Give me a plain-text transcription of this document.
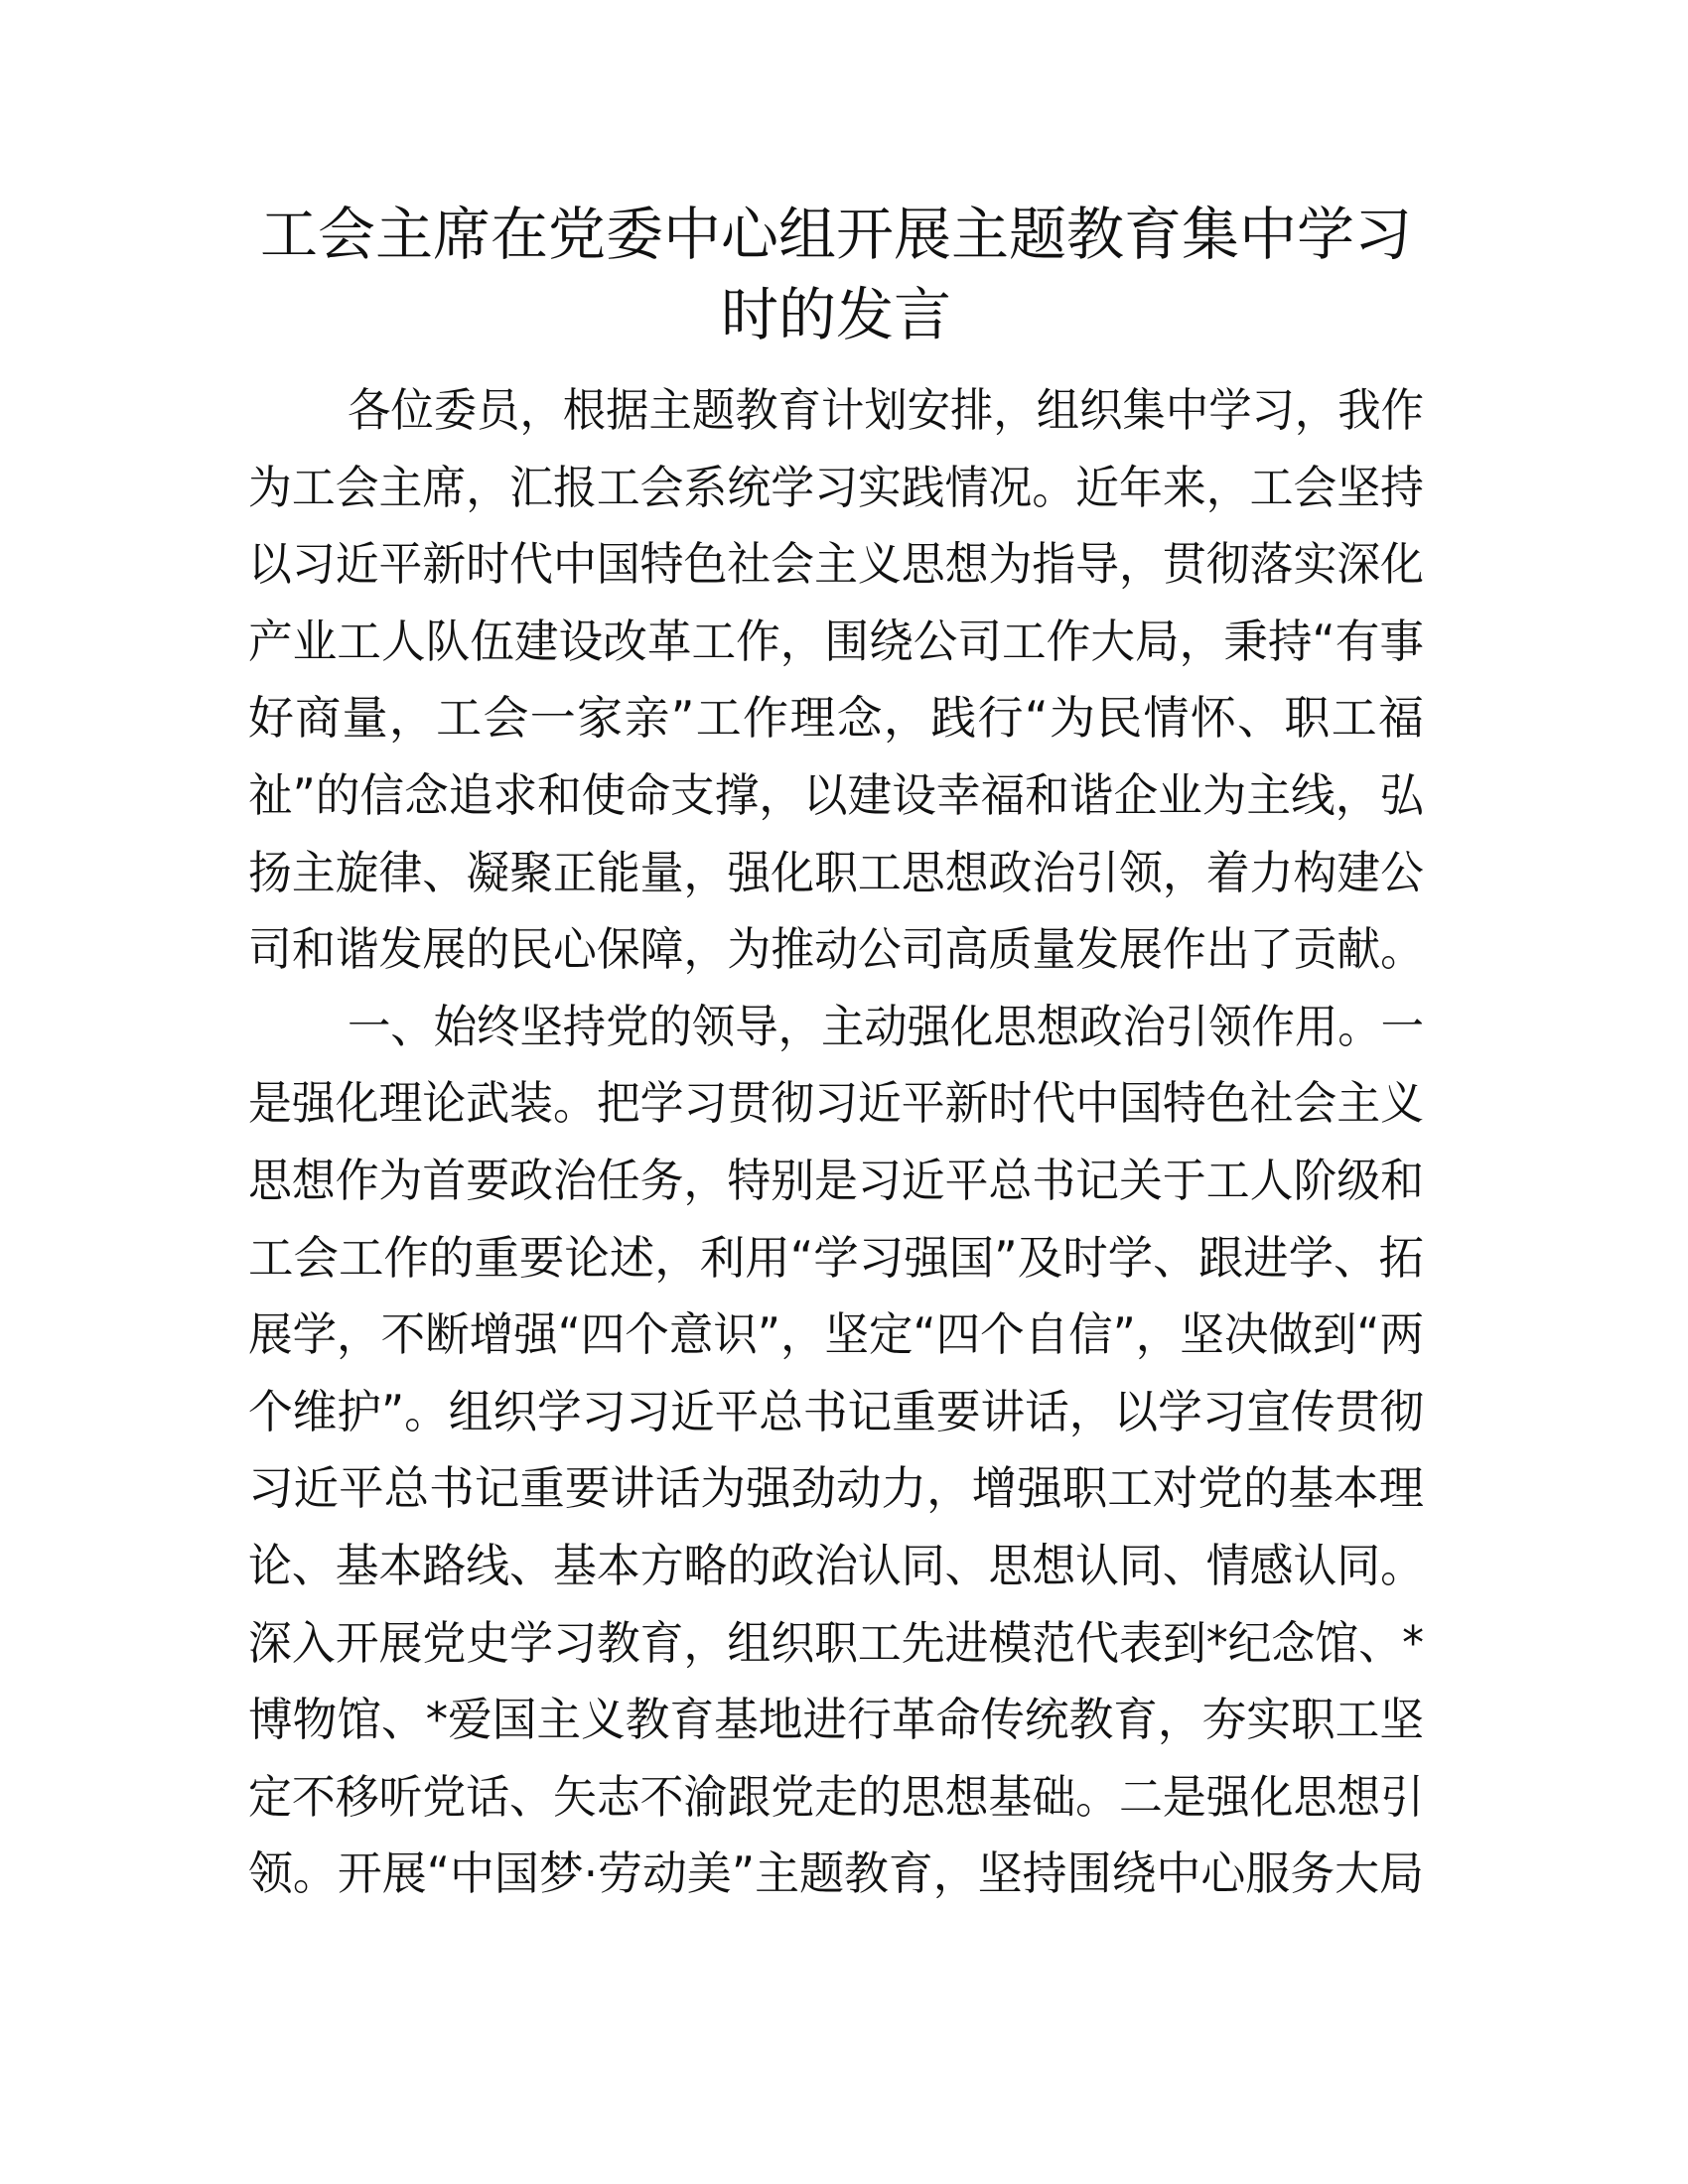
工会主席在党委中心组开展主题教育集中学习
时的发言
各位委员，根据主题教育计划安排，组织集中学习，我作
为工会主席，汇报工会系统学习实践情况。近年来，工会坚持
以习近平新时代中国特色社会主义思想为指导，贯彻落实深化
产业工人队伍建设改革工作，围绕公司工作大局，秉持“有事
好商量，工会一家亲”工作理念，践行“为民情怀、职工福
祉”的信念追求和使命支撑，以建设幸福和谐企业为主线，弘
扬主旋律、凝聚正能量，强化职工思想政治引领，着力构建公
司和谐发展的民心保障，为推动公司高质量发展作出了贡献。
一、始终坚持党的领导，主动强化思想政治引领作用。一
是强化理论武装。把学习贯彻习近平新时代中国特色社会主义
思想作为首要政治任务，特别是习近平总书记关于工人阶级和
工会工作的重要论述，利用“学习强国”及时学、跟进学、拓
展学，不断增强“四个意识”，坚定“四个自信”，坚决做到“两
个维护”。组织学习习近平总书记重要讲话，以学习宣传贯彻
习近平总书记重要讲话为强劲动力，增强职工对党的基本理
论、基本路线、基本方略的政治认同、思想认同、情感认同。
深入开展党史学习教育，组织职工先进模范代表到*纪念馆、*
博物馆、*爱国主义教育基地进行革命传统教育，夯实职工坚
定不移听党话、矢志不渝跟党走的思想基础。二是强化思想引
领。开展“中国梦·劳动美”主题教育，坚持围绕中心服务大局
